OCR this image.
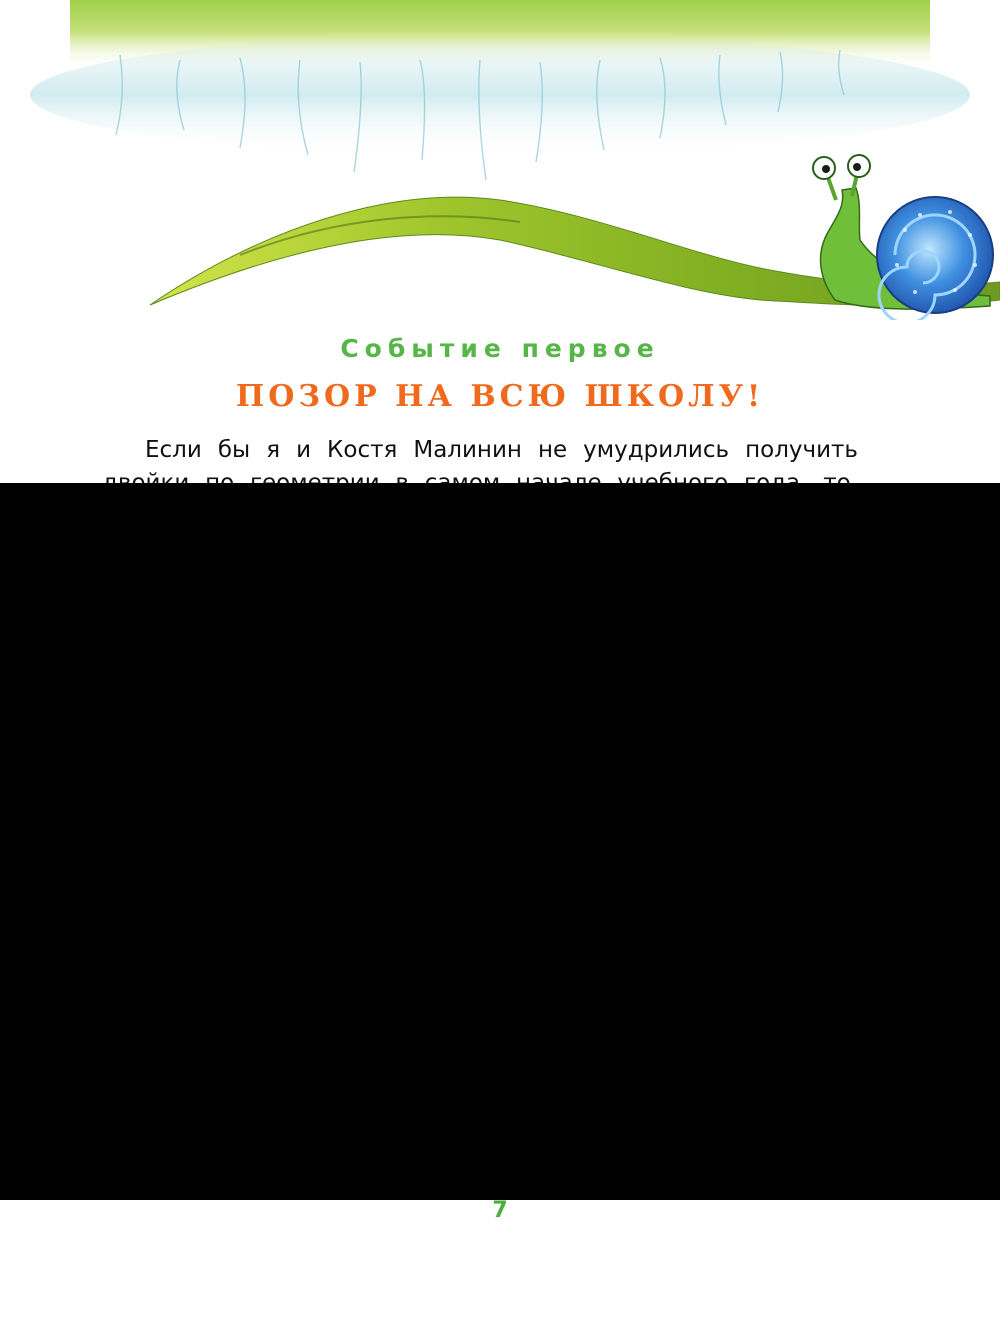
Событие первое

ПОЗОР НА ВСЮ ШКОЛУ!

Если бы я и Костя Малинин не умудрились получить

7
